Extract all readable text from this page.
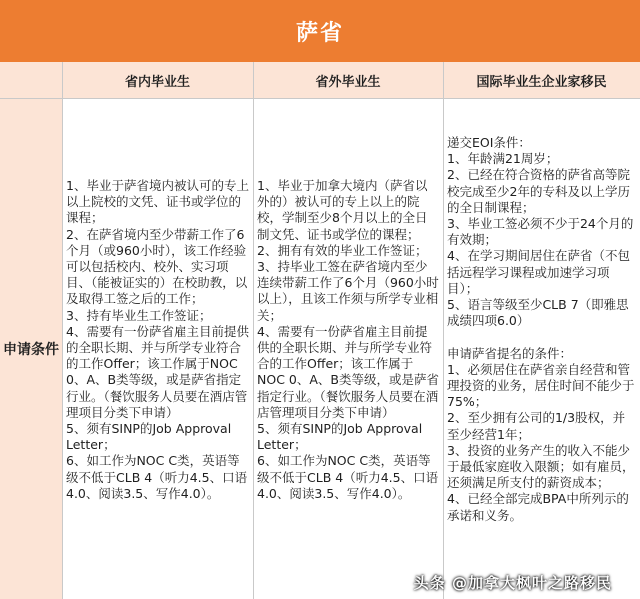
萨省
省内毕业生	省外毕业生	国际毕业生企业家移民
申请条件
1、毕业于萨省境内被认可的专上以上院校的文凭、证书或学位的课程；
2、在萨省境内至少带薪工作了6个月（或960小时），该工作经验可以包括校内、校外、实习项目、（能被证实的）在校助教，以及取得工签之后的工作；
3、持有毕业生工作签证；
4、需要有一份萨省雇主目前提供的全职长期、并与所学专业符合的工作Offer；该工作属于NOC 0、A、B类等级，或是萨省指定行业。（餐饮服务人员要在酒店管理项目分类下申请）
5、须有SINP的Job Approval Letter；
6、如工作为NOC C类，英语等级不低于CLB 4（听力4.5、口语4.0、阅读3.5、写作4.0）。
1、毕业于加拿大境内（萨省以外的）被认可的专上以上的院校，学制至少8个月以上的全日制文凭、证书或学位的课程；
2、拥有有效的毕业工作签证；
3、持毕业工签在萨省境内至少连续带薪工作了6个月（960小时以上），且该工作须与所学专业相关；
4、需要有一份萨省雇主目前提供的全职长期、并与所学专业符合的工作Offer；该工作属于NOC 0、A、B类等级，或是萨省指定行业。（餐饮服务人员要在酒店管理项目分类下申请）
5、须有SINP的Job Approval Letter；
6、如工作为NOC C类，英语等级不低于CLB 4（听力4.5、口语4.0、阅读3.5、写作4.0）。
递交EOI条件：
1、年龄满21周岁；
2、已经在符合资格的萨省高等院校完成至少2年的专科及以上学历的全日制课程；
3、毕业工签必须不少于24个月的有效期；
4、在学习期间居住在萨省（不包括远程学习课程或加速学习项目）；
5、语言等级至少CLB 7（即雅思成绩四项6.0）

申请萨省提名的条件：
1、必须居住在萨省亲自经营和管理投资的业务，居住时间不能少于75%；
2、至少拥有公司的1/3股权，并至少经营1年；
3、投资的业务产生的收入不能少于最低家庭收入限额；如有雇员，还须满足所支付的薪资成本；
4、已经全部完成BPA中所列示的承诺和义务。
头条 @加拿大枫叶之路移民
